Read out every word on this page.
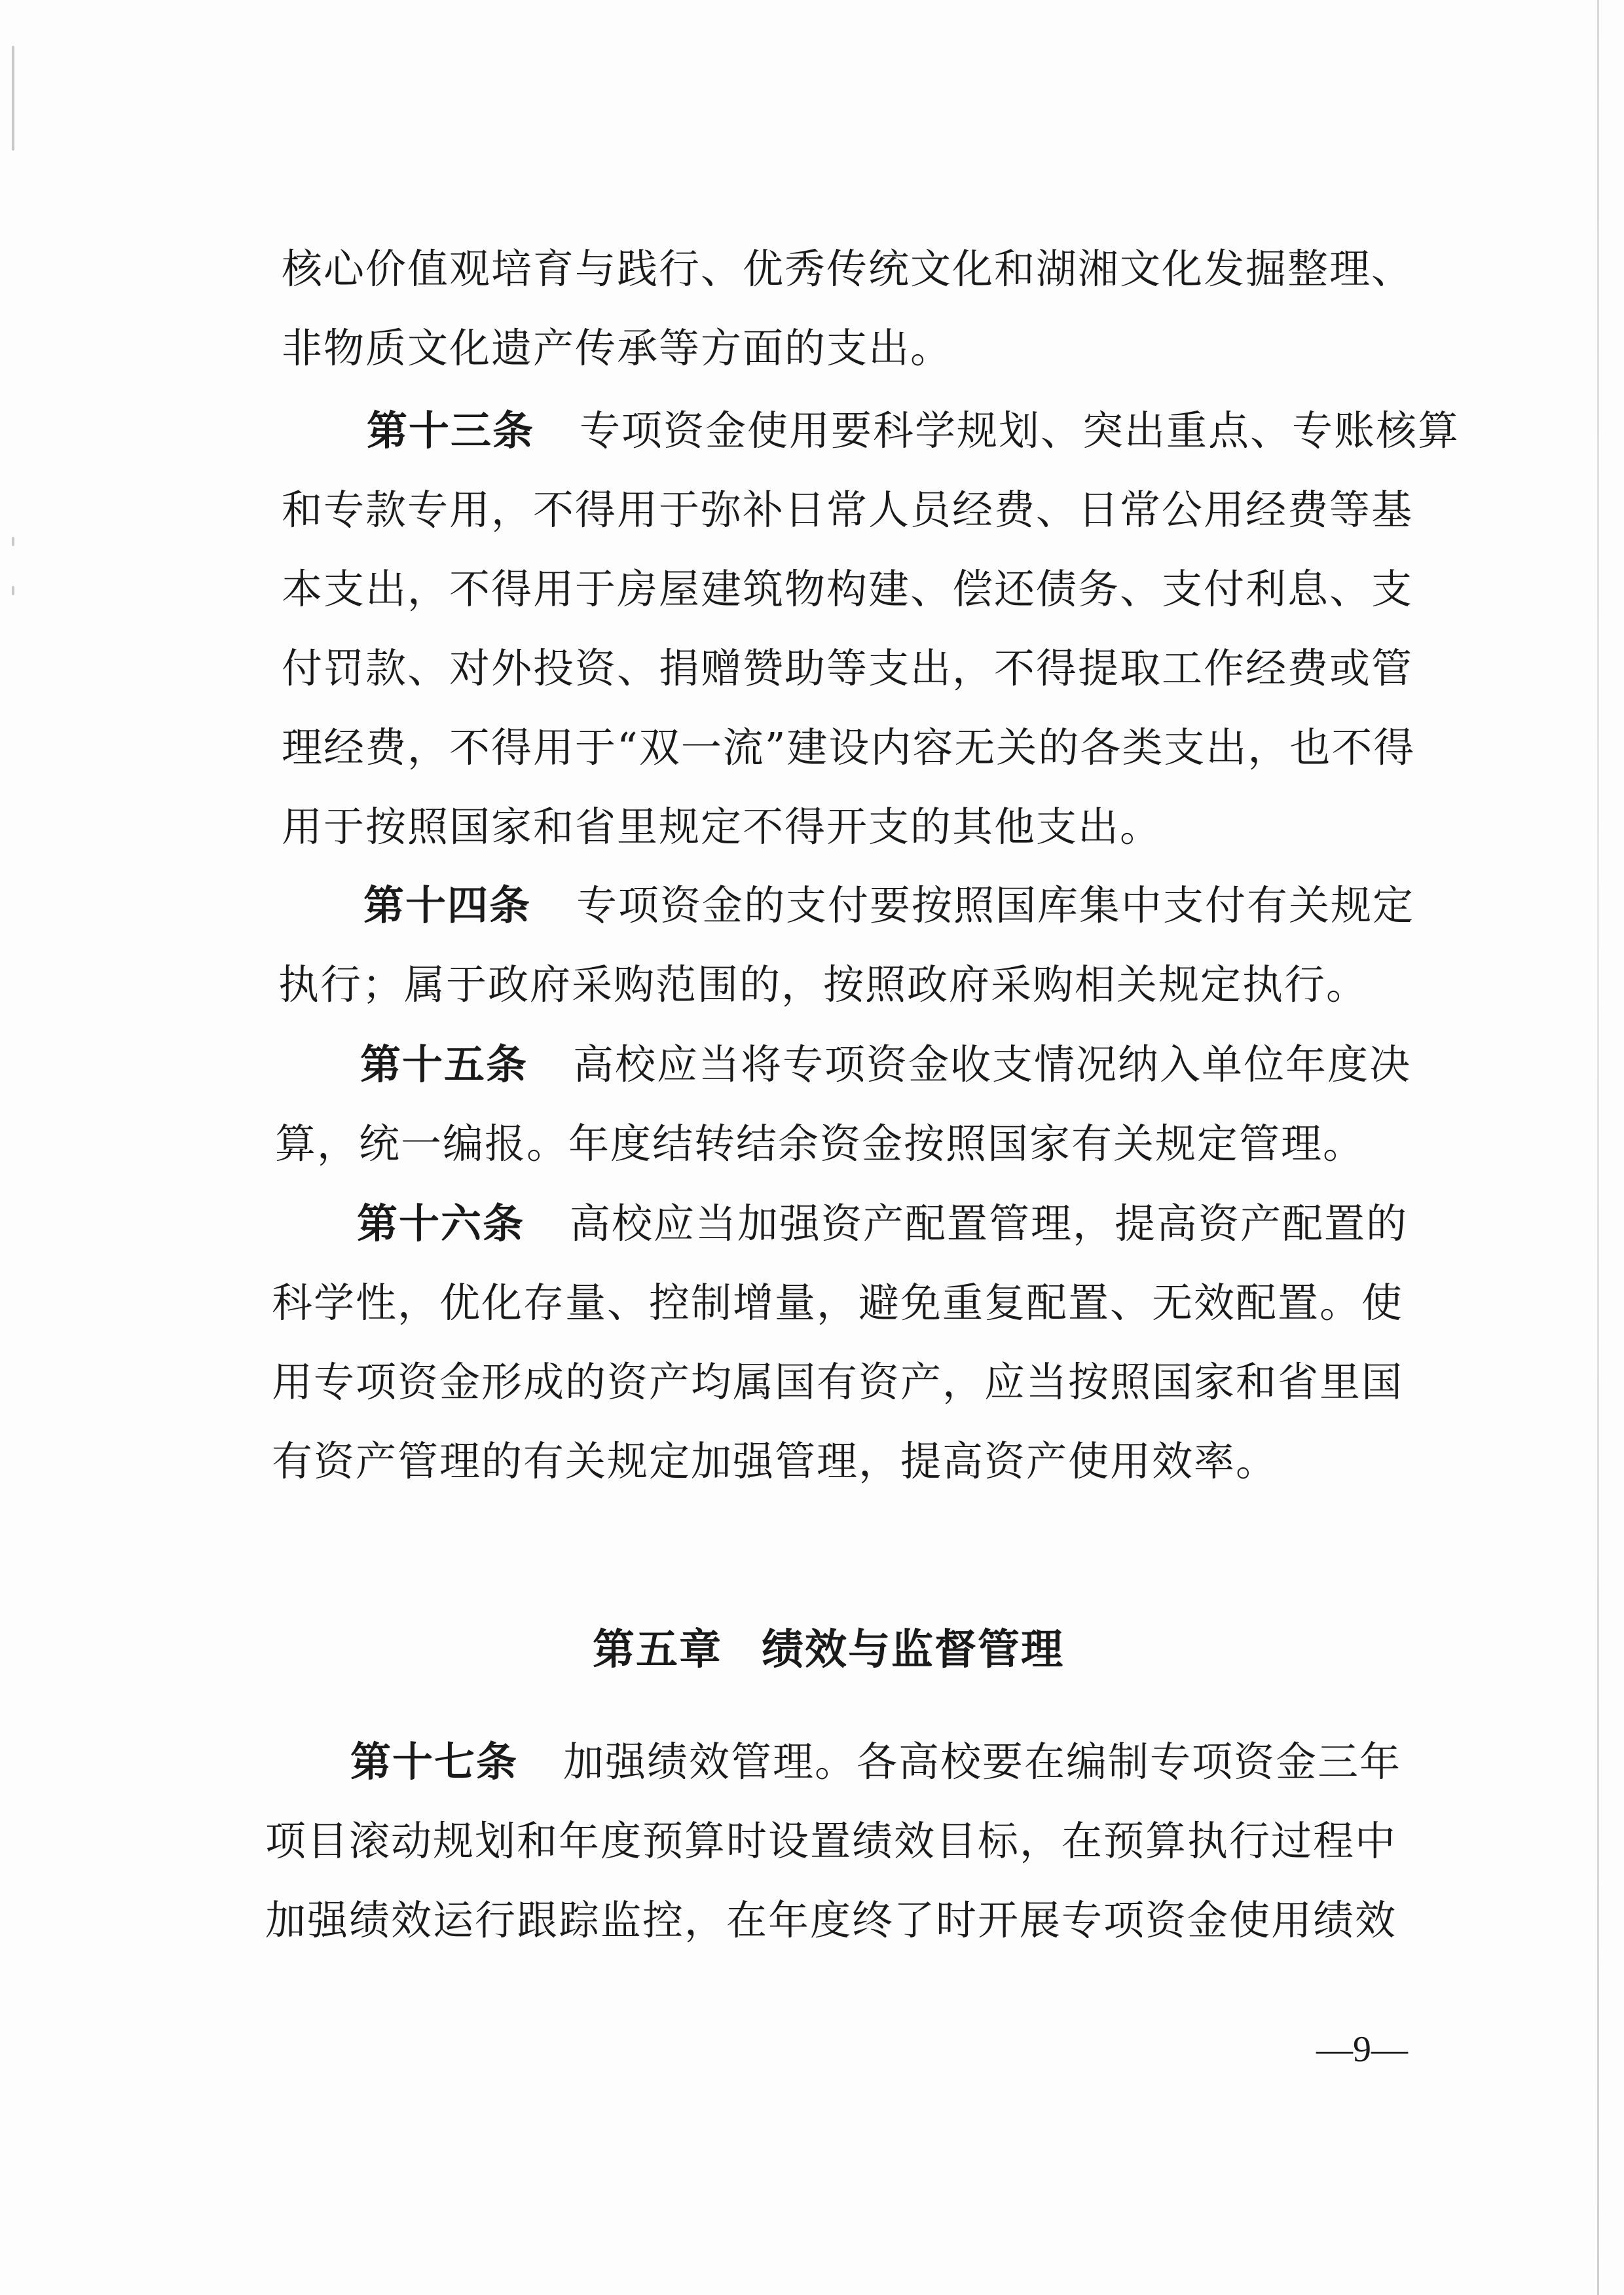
核心价值观培育与践行、优秀传统文化和湖湘文化发掘整理、
非物质文化遗产传承等方面的支出。
第十三条 专项资金使用要科学规划、突出重点、专账核算
和专款专用，不得用于弥补日常人员经费、日常公用经费等基
本支出，不得用于房屋建筑物构建、偿还债务、支付利息、支
付罚款、对外投资、捐赠赞助等支出，不得提取工作经费或管
理经费，不得用于“双一流”建设内容无关的各类支出，也不得
用于按照国家和省里规定不得开支的其他支出。
第十四条 专项资金的支付要按照国库集中支付有关规定
执行；属于政府采购范围的，按照政府采购相关规定执行。
第十五条 高校应当将专项资金收支情况纳入单位年度决
算，统一编报。年度结转结余资金按照国家有关规定管理。
第十六条 高校应当加强资产配置管理，提高资产配置的
科学性，优化存量、控制增量，避免重复配置、无效配置。使
用专项资金形成的资产均属国有资产，应当按照国家和省里国
有资产管理的有关规定加强管理，提高资产使用效率。
第五章 绩效与监督管理
第十七条 加强绩效管理。各高校要在编制专项资金三年
项目滚动规划和年度预算时设置绩效目标，在预算执行过程中
加强绩效运行跟踪监控，在年度终了时开展专项资金使用绩效
—9—
